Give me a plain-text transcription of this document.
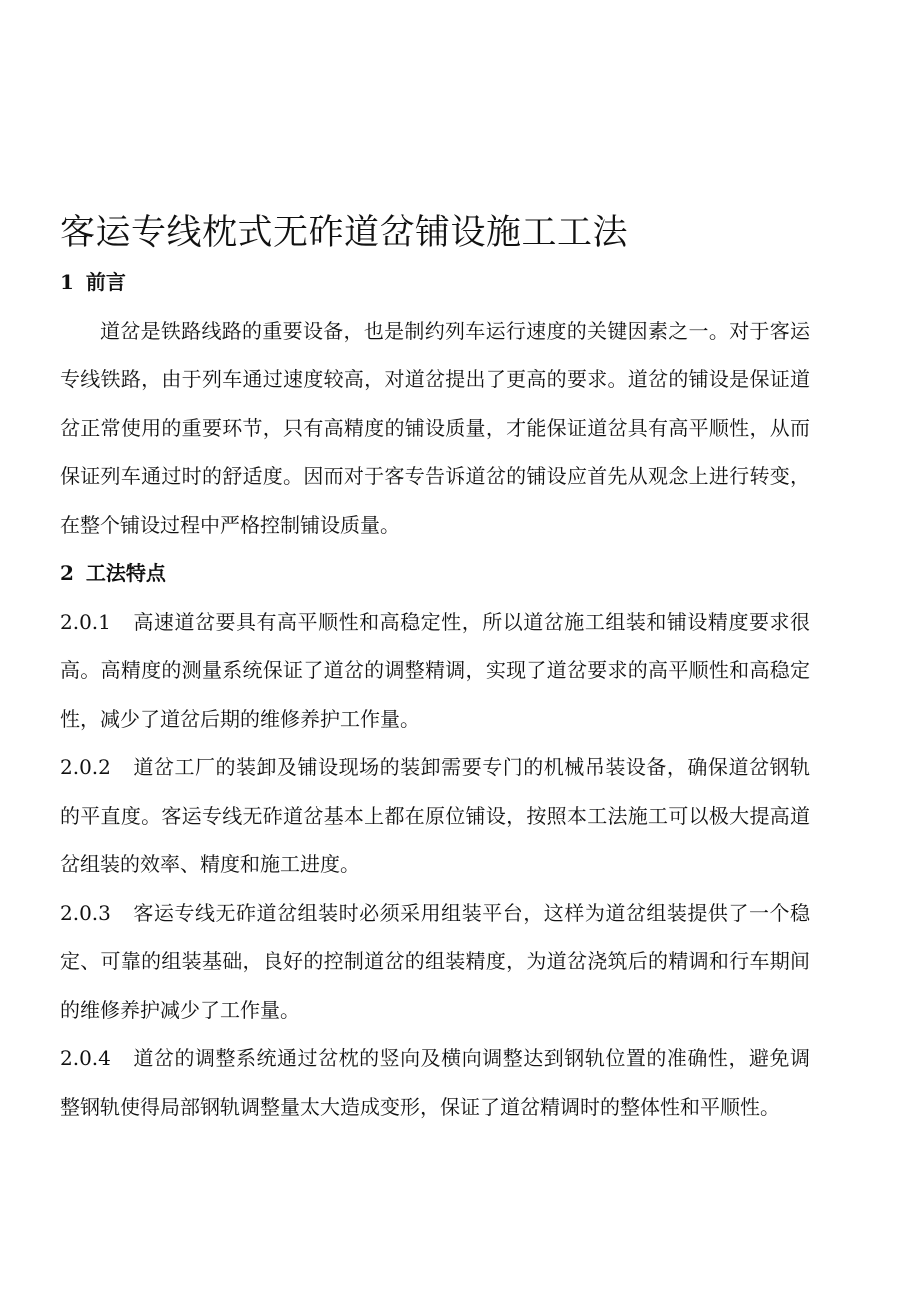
客运专线枕式无砟道岔铺设施工工法
1 前言

道岔是铁路线路的重要设备，也是制约列车运行速度的关键因素之一。对于客运专线铁路，由于列车通过速度较高，对道岔提出了更高的要求。道岔的铺设是保证道岔正常使用的重要环节，只有高精度的铺设质量，才能保证道岔具有高平顺性，从而保证列车通过时的舒适度。因而对于客专告诉道岔的铺设应首先从观念上进行转变，在整个铺设过程中严格控制铺设质量。

2 工法特点

2.0.1 高速道岔要具有高平顺性和高稳定性，所以道岔施工组装和铺设精度要求很高。高精度的测量系统保证了道岔的调整精调，实现了道岔要求的高平顺性和高稳定性，减少了道岔后期的维修养护工作量。

2.0.2 道岔工厂的装卸及铺设现场的装卸需要专门的机械吊装设备，确保道岔钢轨的平直度。客运专线无砟道岔基本上都在原位铺设，按照本工法施工可以极大提高道岔组装的效率、精度和施工进度。

2.0.3 客运专线无砟道岔组装时必须采用组装平台，这样为道岔组装提供了一个稳定、可靠的组装基础，良好的控制道岔的组装精度，为道岔浇筑后的精调和行车期间的维修养护减少了工作量。

2.0.4 道岔的调整系统通过岔枕的竖向及横向调整达到钢轨位置的准确性，避免调整钢轨使得局部钢轨调整量太大造成变形，保证了道岔精调时的整体性和平顺性。
